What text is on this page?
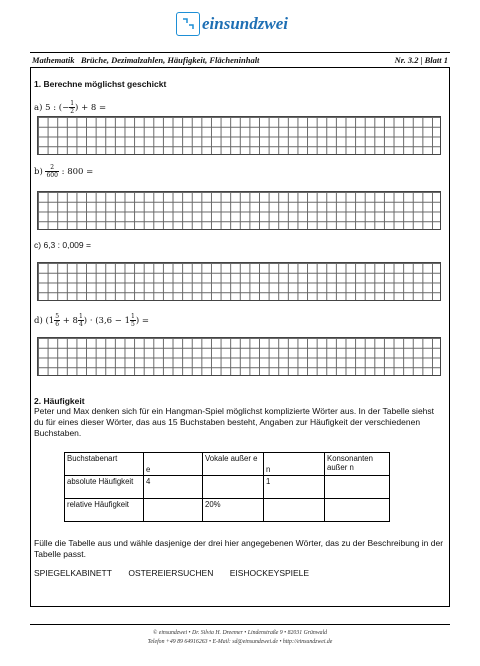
einsundzwei
Mathematik Brüche, Dezimalzahlen, Häufigkeit, Flächeninhalt	Nr. 3.2 | Blatt 1
1. Berechne möglichst geschickt
a) 5 : (− $\frac{1}{2}$ ) + 8 =
$b) \frac{2}{600}$ : 800 =
c) 6,3 : 0,009 =
d) ($1 \frac{5}{6} + 8 \frac{1}{4}$ ) · ($3,6 - 1 \frac{1}{5}$ ) =
2. Häufigkeit
Peter und Max denken sich für ein Hangman-Spiel möglichst komplizierte Wörter aus. In der Tabelle siehst du für eines dieser Wörter, das aus 15 Buchstaben besteht, Angaben zur Häufigkeit der verschiedenen Buchstaben.
Buchstabenart	e	Vokale außer e	n	Konsonanten außer n
absolute Häufigkeit	4		1	
relative Häufigkeit		20%		
Fülle die Tabelle aus und wähle dasjenige der drei hier angegebenen Wörter, das zu der Beschreibung in der Tabelle passt.
SPIEGELKABINETT OSTEREIERSUCHEN EISHOCKEYSPIELE
© einsundzwei • Dr. Silvia H. Dreemer • Lindenstraße 9 • 82031 Grünwald
Telefon +49 89 64916263 • E-Mail: sd@einsundzwei.de • http://einsundzwei.de
